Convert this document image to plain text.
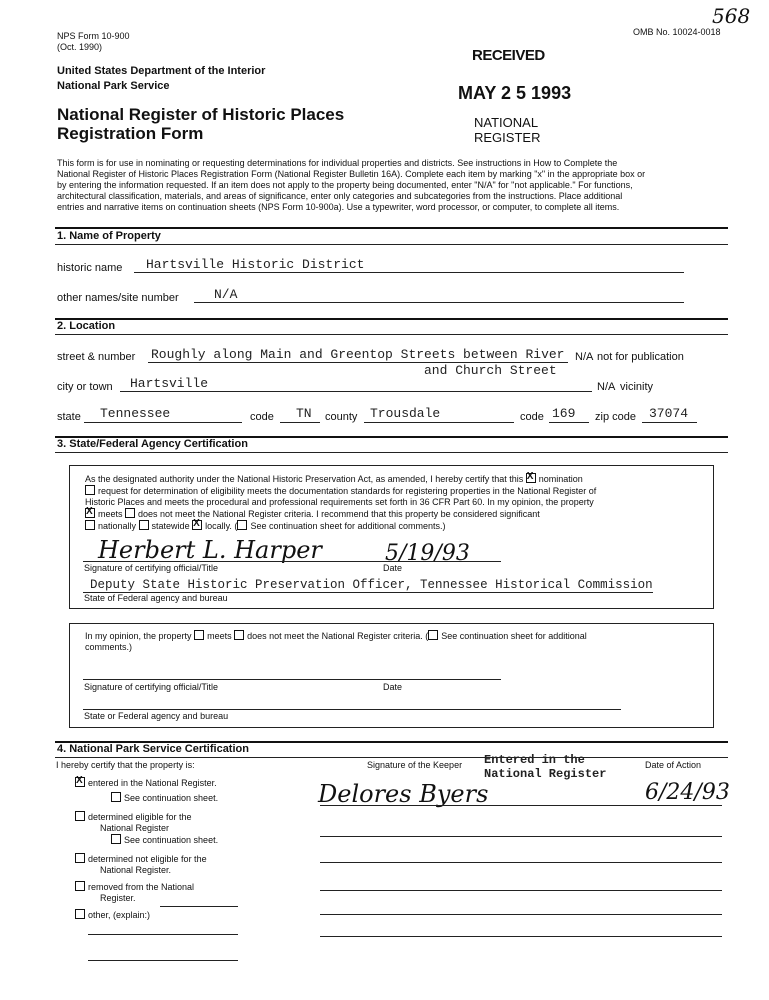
NPS Form 10-900
(Oct. 1990)
OMB No. 10024-0018
568
United States Department of the Interior
National Park Service
National Register of Historic Places
Registration Form
RECEIVED
MAY 2 5 1993
NATIONAL
REGISTER
This form is for use in nominating or requesting determinations for individual properties and districts. See instructions in How to Complete the
National Register of Historic Places Registration Form (National Register Bulletin 16A). Complete each item by marking "x" in the appropriate box or
by entering the information requested. If an item does not apply to the property being documented, enter "N/A" for "not applicable." For functions,
architectural classification, materials, and areas of significance, enter only categories and subcategories from the instructions. Place additional
entries and narrative items on continuation sheets (NPS Form 10-900a). Use a typewriter, word processor, or computer, to complete all items.
1. Name of Property
historic name Hartsville Historic District
other names/site number	N/A
2. Location
street & number Roughly along Main and Greentop Streets between River
and Church Street
N/A not for publication
city or town Hartsville	N/A vicinity
state Tennessee	code TN county Trousdale	code 169 zip code 37074
3. State/Federal Agency Certification
As the designated authority under the National Historic Preservation Act, as amended, I hereby certify that this X nomination
request for determination of eligibility meets the documentation standards for registering properties in the National Register of
Historic Places and meets the procedural and professional requirements set forth in 36 CFR Part 60. In my opinion, the property
Xmeets does not meet the National Register criteria. I recommend that this property be considered significant
nationally statewide X locally. ( See continuation sheet for additional comments.)
Herbert L. Harper	5/19/93
Signature of certifying official/Title	Date
Deputy State Historic Preservation Officer, Tennessee Historical Commission
State of Federal agency and bureau
In my opinion, the property meets does not meet the National Register criteria. ( See continuation sheet for additional
comments.)
Signature of certifying official/Title	Date
State or Federal agency and bureau
4. National Park Service Certification
I hereby certify that the property is:	Signature of the Keeper	Date of Action
Entered in the
National Register
Delores Byers	6/24/93
Xentered in the National Register.
See continuation sheet.
determined eligible for the
National Register
See continuation sheet.
determined not eligible for the
National Register.
removed from the National
Register.
other, (explain:)
